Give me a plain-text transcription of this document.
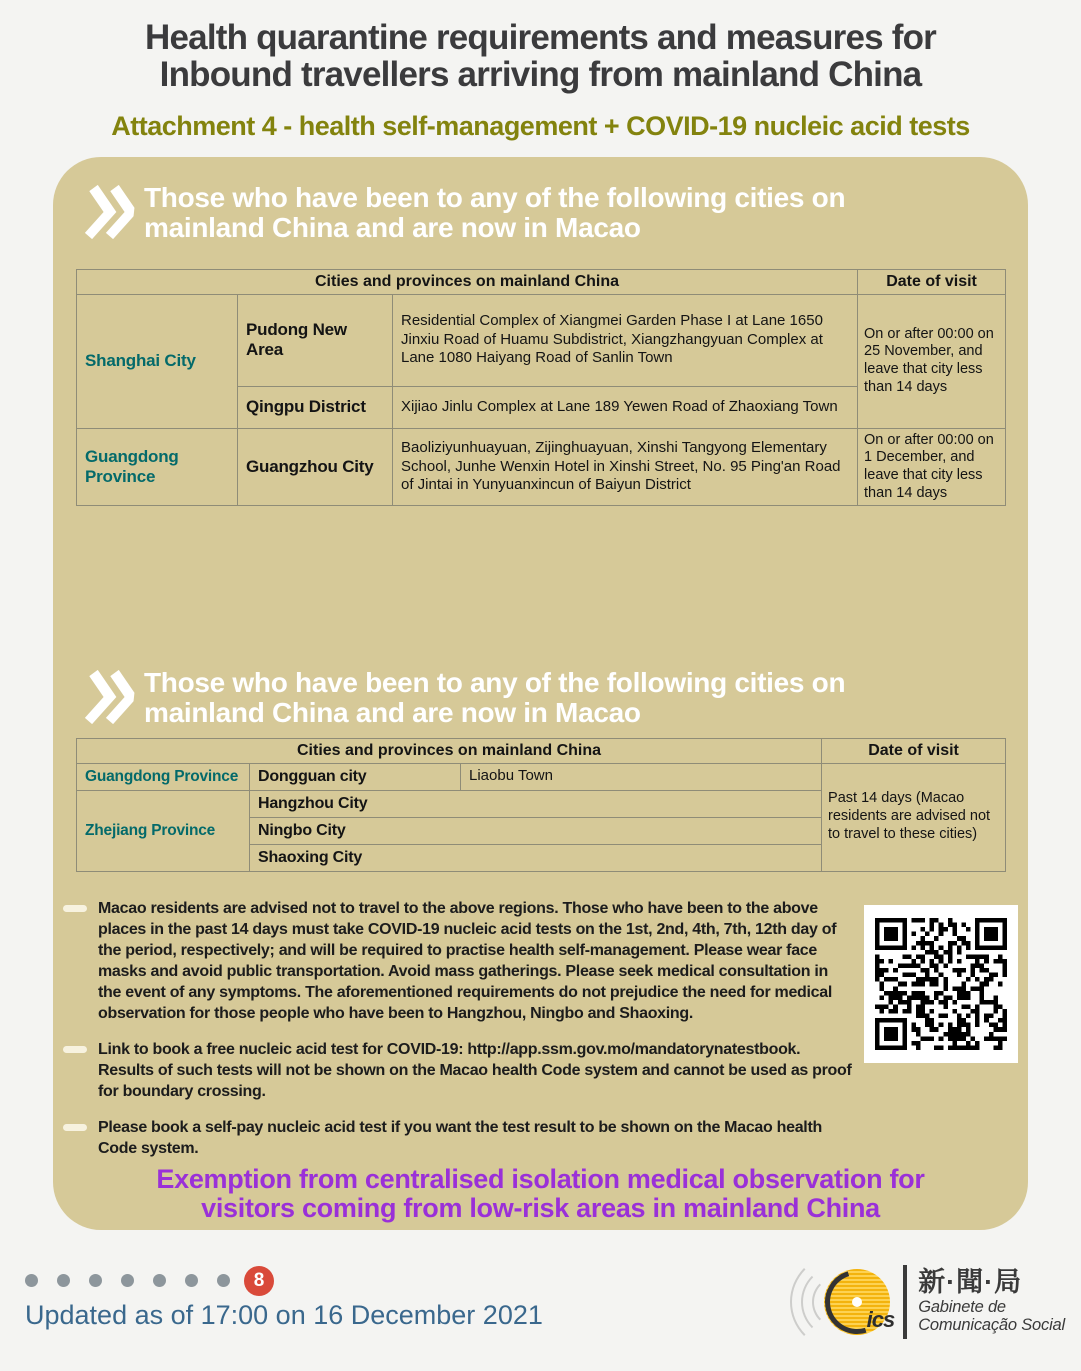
Health quarantine requirements and measures for
Inbound travellers arriving from mainland China
Attachment 4 - health self-management + COVID-19 nucleic acid tests
Those who have been to any of the following cities on
mainland China and are now in Macao
Cities and provinces on mainland China			Date of visit
Shanghai City	Pudong New Area	Residential Complex of Xiangmei Garden Phase I at Lane 1650 Jinxiu Road of Huamu Subdistrict, Xiangzhangyuan Complex at Lane 1080 Haiyang Road of Sanlin Town	On or after 00:00 on 25 November, and leave that city less than 14 days
	Qingpu District	Xijiao Jinlu Complex at Lane 189 Yewen Road of Zhaoxiang Town	
Guangdong Province	Guangzhou City	Baoliziyunhuayuan, Zijinghuayuan, Xinshi Tangyong Elementary School, Junhe Wenxin Hotel in Xinshi Street, No. 95 Ping'an Road of Jintai in Yunyuanxincun of Baiyun District	On or after 00:00 on 1 December, and leave that city less than 14 days
Those who have been to any of the following cities on
mainland China and are now in Macao
Cities and provinces on mainland China			Date of visit
Guangdong Province	Dongguan city	Liaobu Town	Past 14 days (Macao residents are advised not to travel to these cities)
Zhejiang Province	Hangzhou City		
	Ningbo City		
	Shaoxing City		
Macao residents are advised not to travel to the above regions. Those who have been to the above places in the past 14 days must take COVID-19 nucleic acid tests on the 1st, 2nd, 4th, 7th, 12th day of the period, respectively; and will be required to practise health self-management. Please wear face masks and avoid public transportation. Avoid mass gatherings. Please seek medical consultation in the event of any symptoms. The aforementioned requirements do not prejudice the need for medical observation for those people who have been to Hangzhou, Ningbo and Shaoxing.
Link to book a free nucleic acid test for COVID-19: http://app.ssm.gov.mo/mandatorynatestbook. Results of such tests will not be shown on the Macao health Code system and cannot be used as proof for boundary crossing.
Please book a self-pay nucleic acid test if you want the test result to be shown on the Macao health Code system.
Exemption from centralised isolation medical observation for
visitors coming from low-risk areas in mainland China
8
Updated as of 17:00 on 16 December 2021	ics
新·聞·局
Gabinete de
Comunicação Social
